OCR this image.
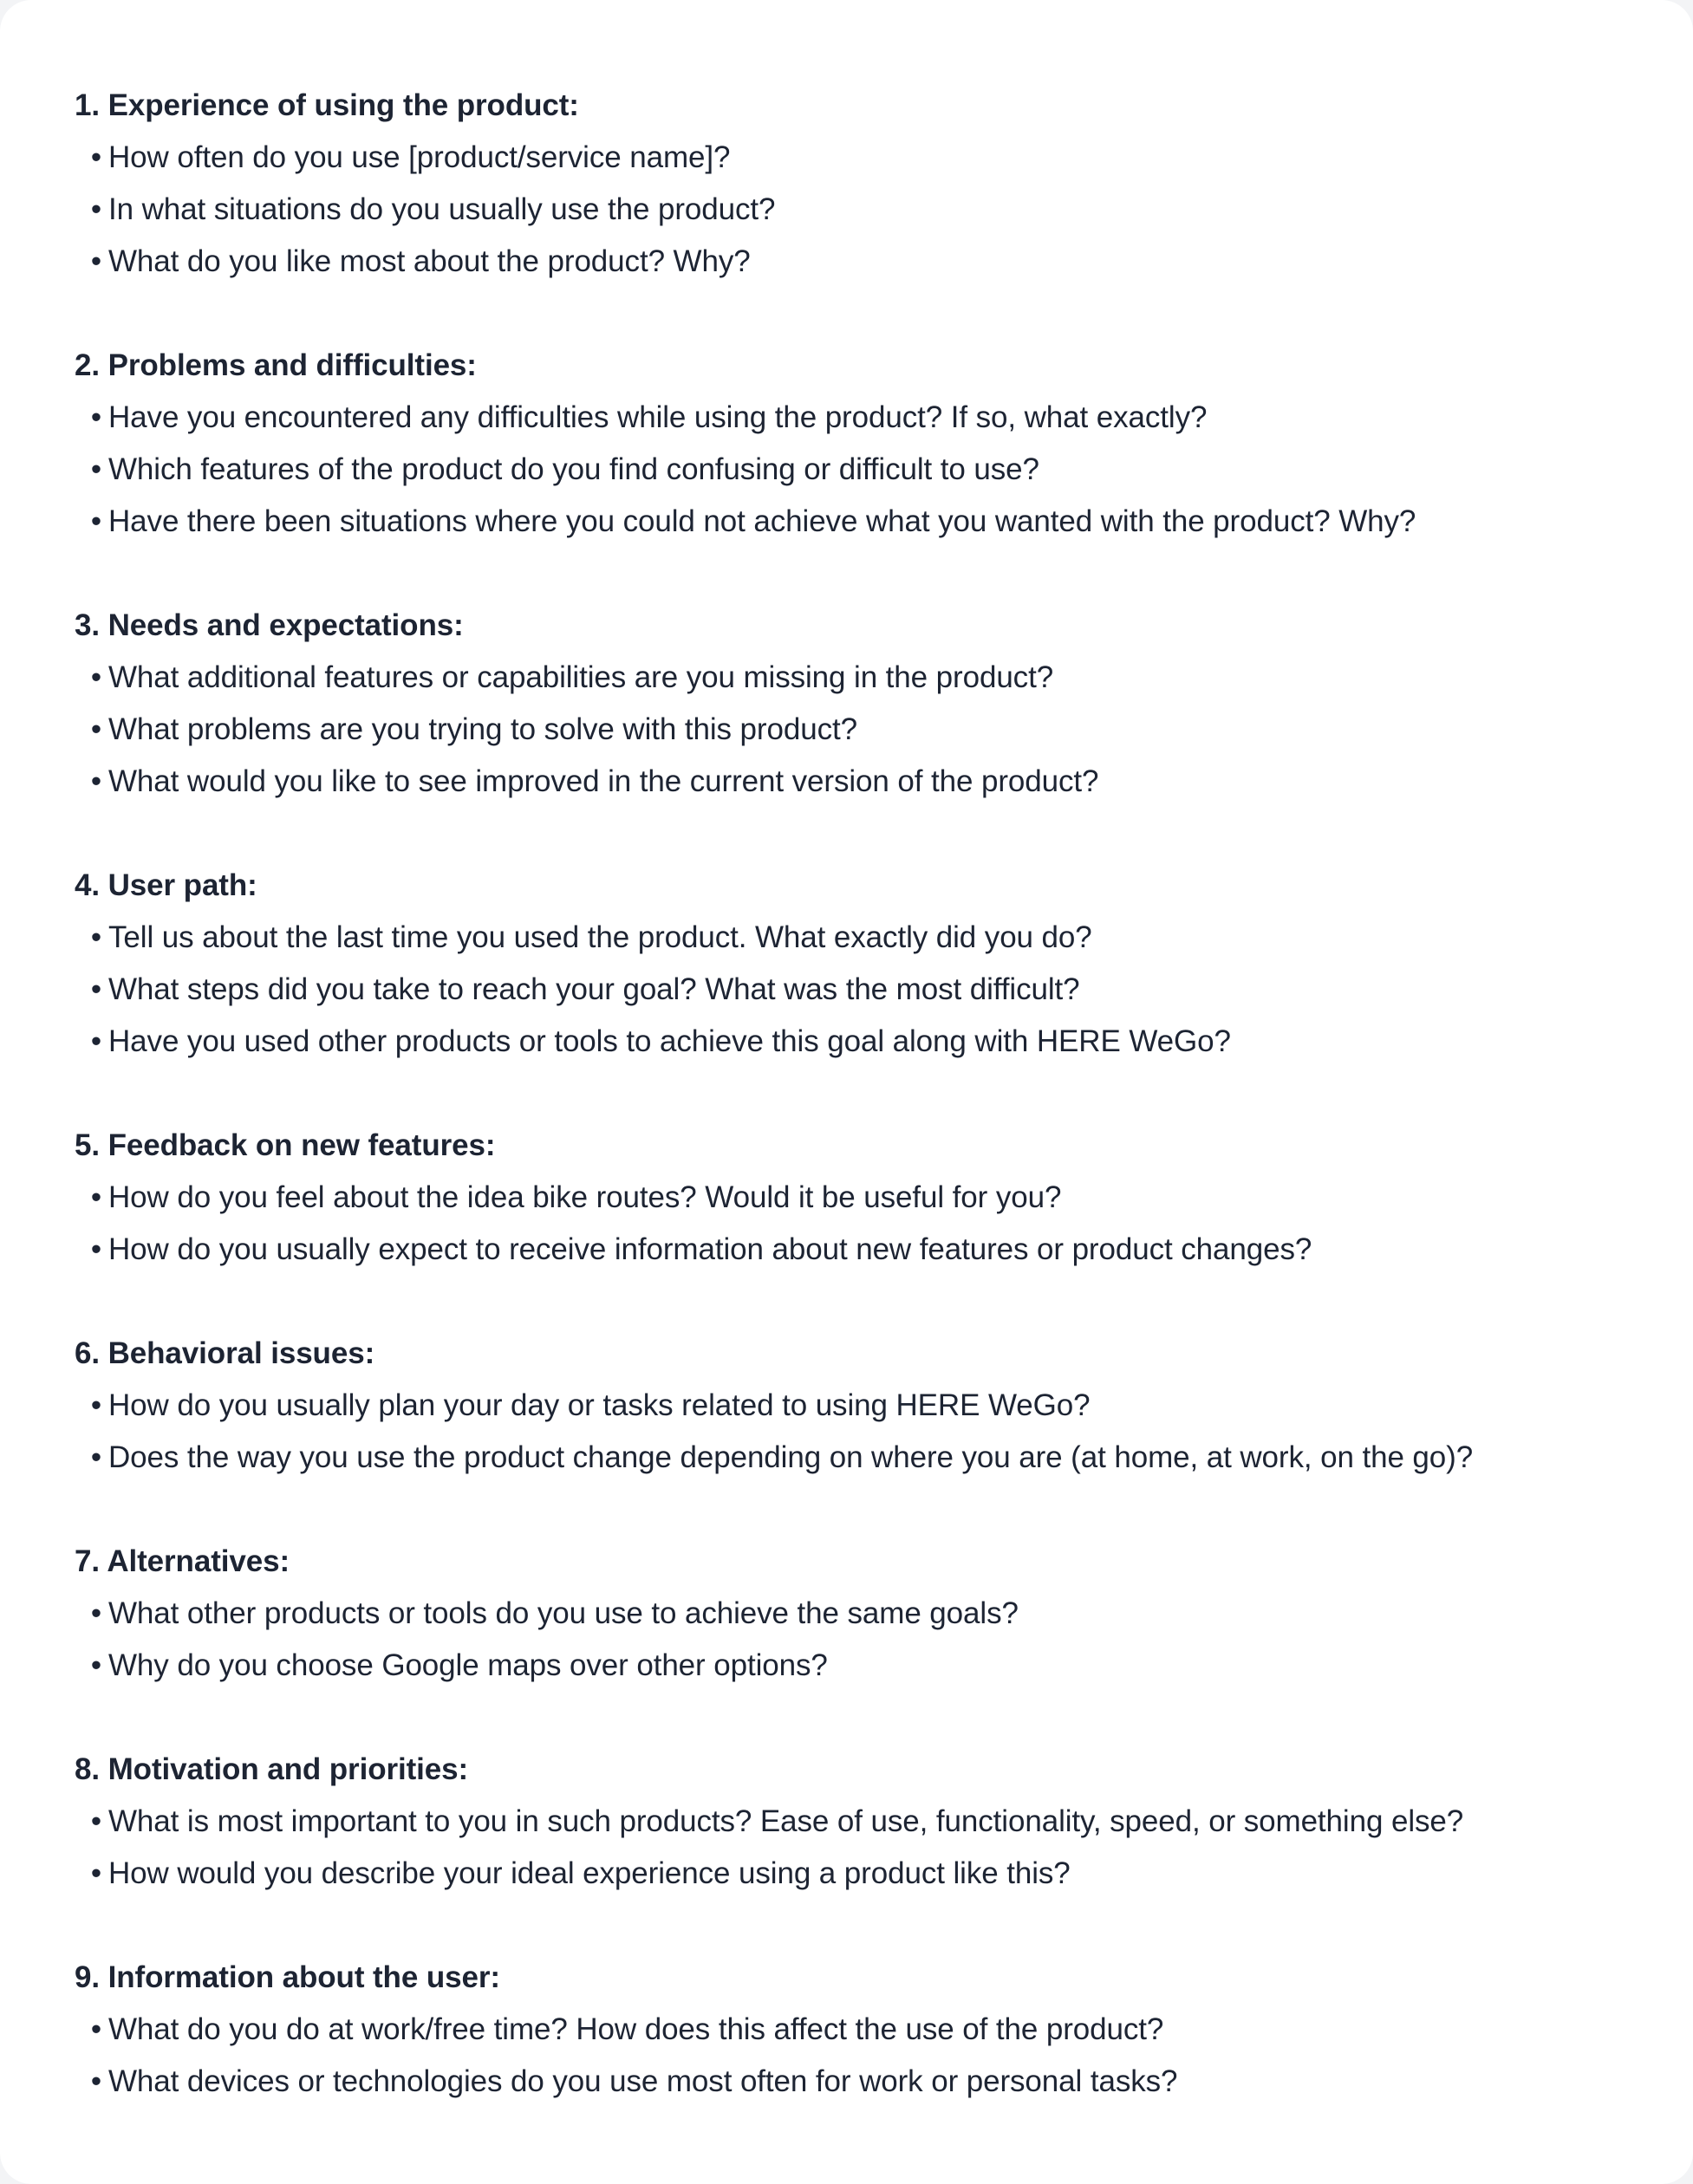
1. Experience of using the product:
• How often do you use [product/service name]?
• In what situations do you usually use the product?
• What do you like most about the product? Why?
2. Problems and difficulties:
• Have you encountered any difficulties while using the product? If so, what exactly?
• Which features of the product do you find confusing or difficult to use?
• Have there been situations where you could not achieve what you wanted with the product? Why?
3. Needs and expectations:
• What additional features or capabilities are you missing in the product?
• What problems are you trying to solve with this product?
• What would you like to see improved in the current version of the product?
4. User path:
• Tell us about the last time you used the product. What exactly did you do?
• What steps did you take to reach your goal? What was the most difficult?
• Have you used other products or tools to achieve this goal along with HERE WeGo?
5. Feedback on new features:
• How do you feel about the idea bike routes? Would it be useful for you?
• How do you usually expect to receive information about new features or product changes?
6. Behavioral issues:
• How do you usually plan your day or tasks related to using HERE WeGo?
• Does the way you use the product change depending on where you are (at home, at work, on the go)?
7. Alternatives:
• What other products or tools do you use to achieve the same goals?
• Why do you choose Google maps over other options?
8. Motivation and priorities:
• What is most important to you in such products? Ease of use, functionality, speed, or something else?
• How would you describe your ideal experience using a product like this?
9. Information about the user:
• What do you do at work/free time? How does this affect the use of the product?
• What devices or technologies do you use most often for work or personal tasks?
